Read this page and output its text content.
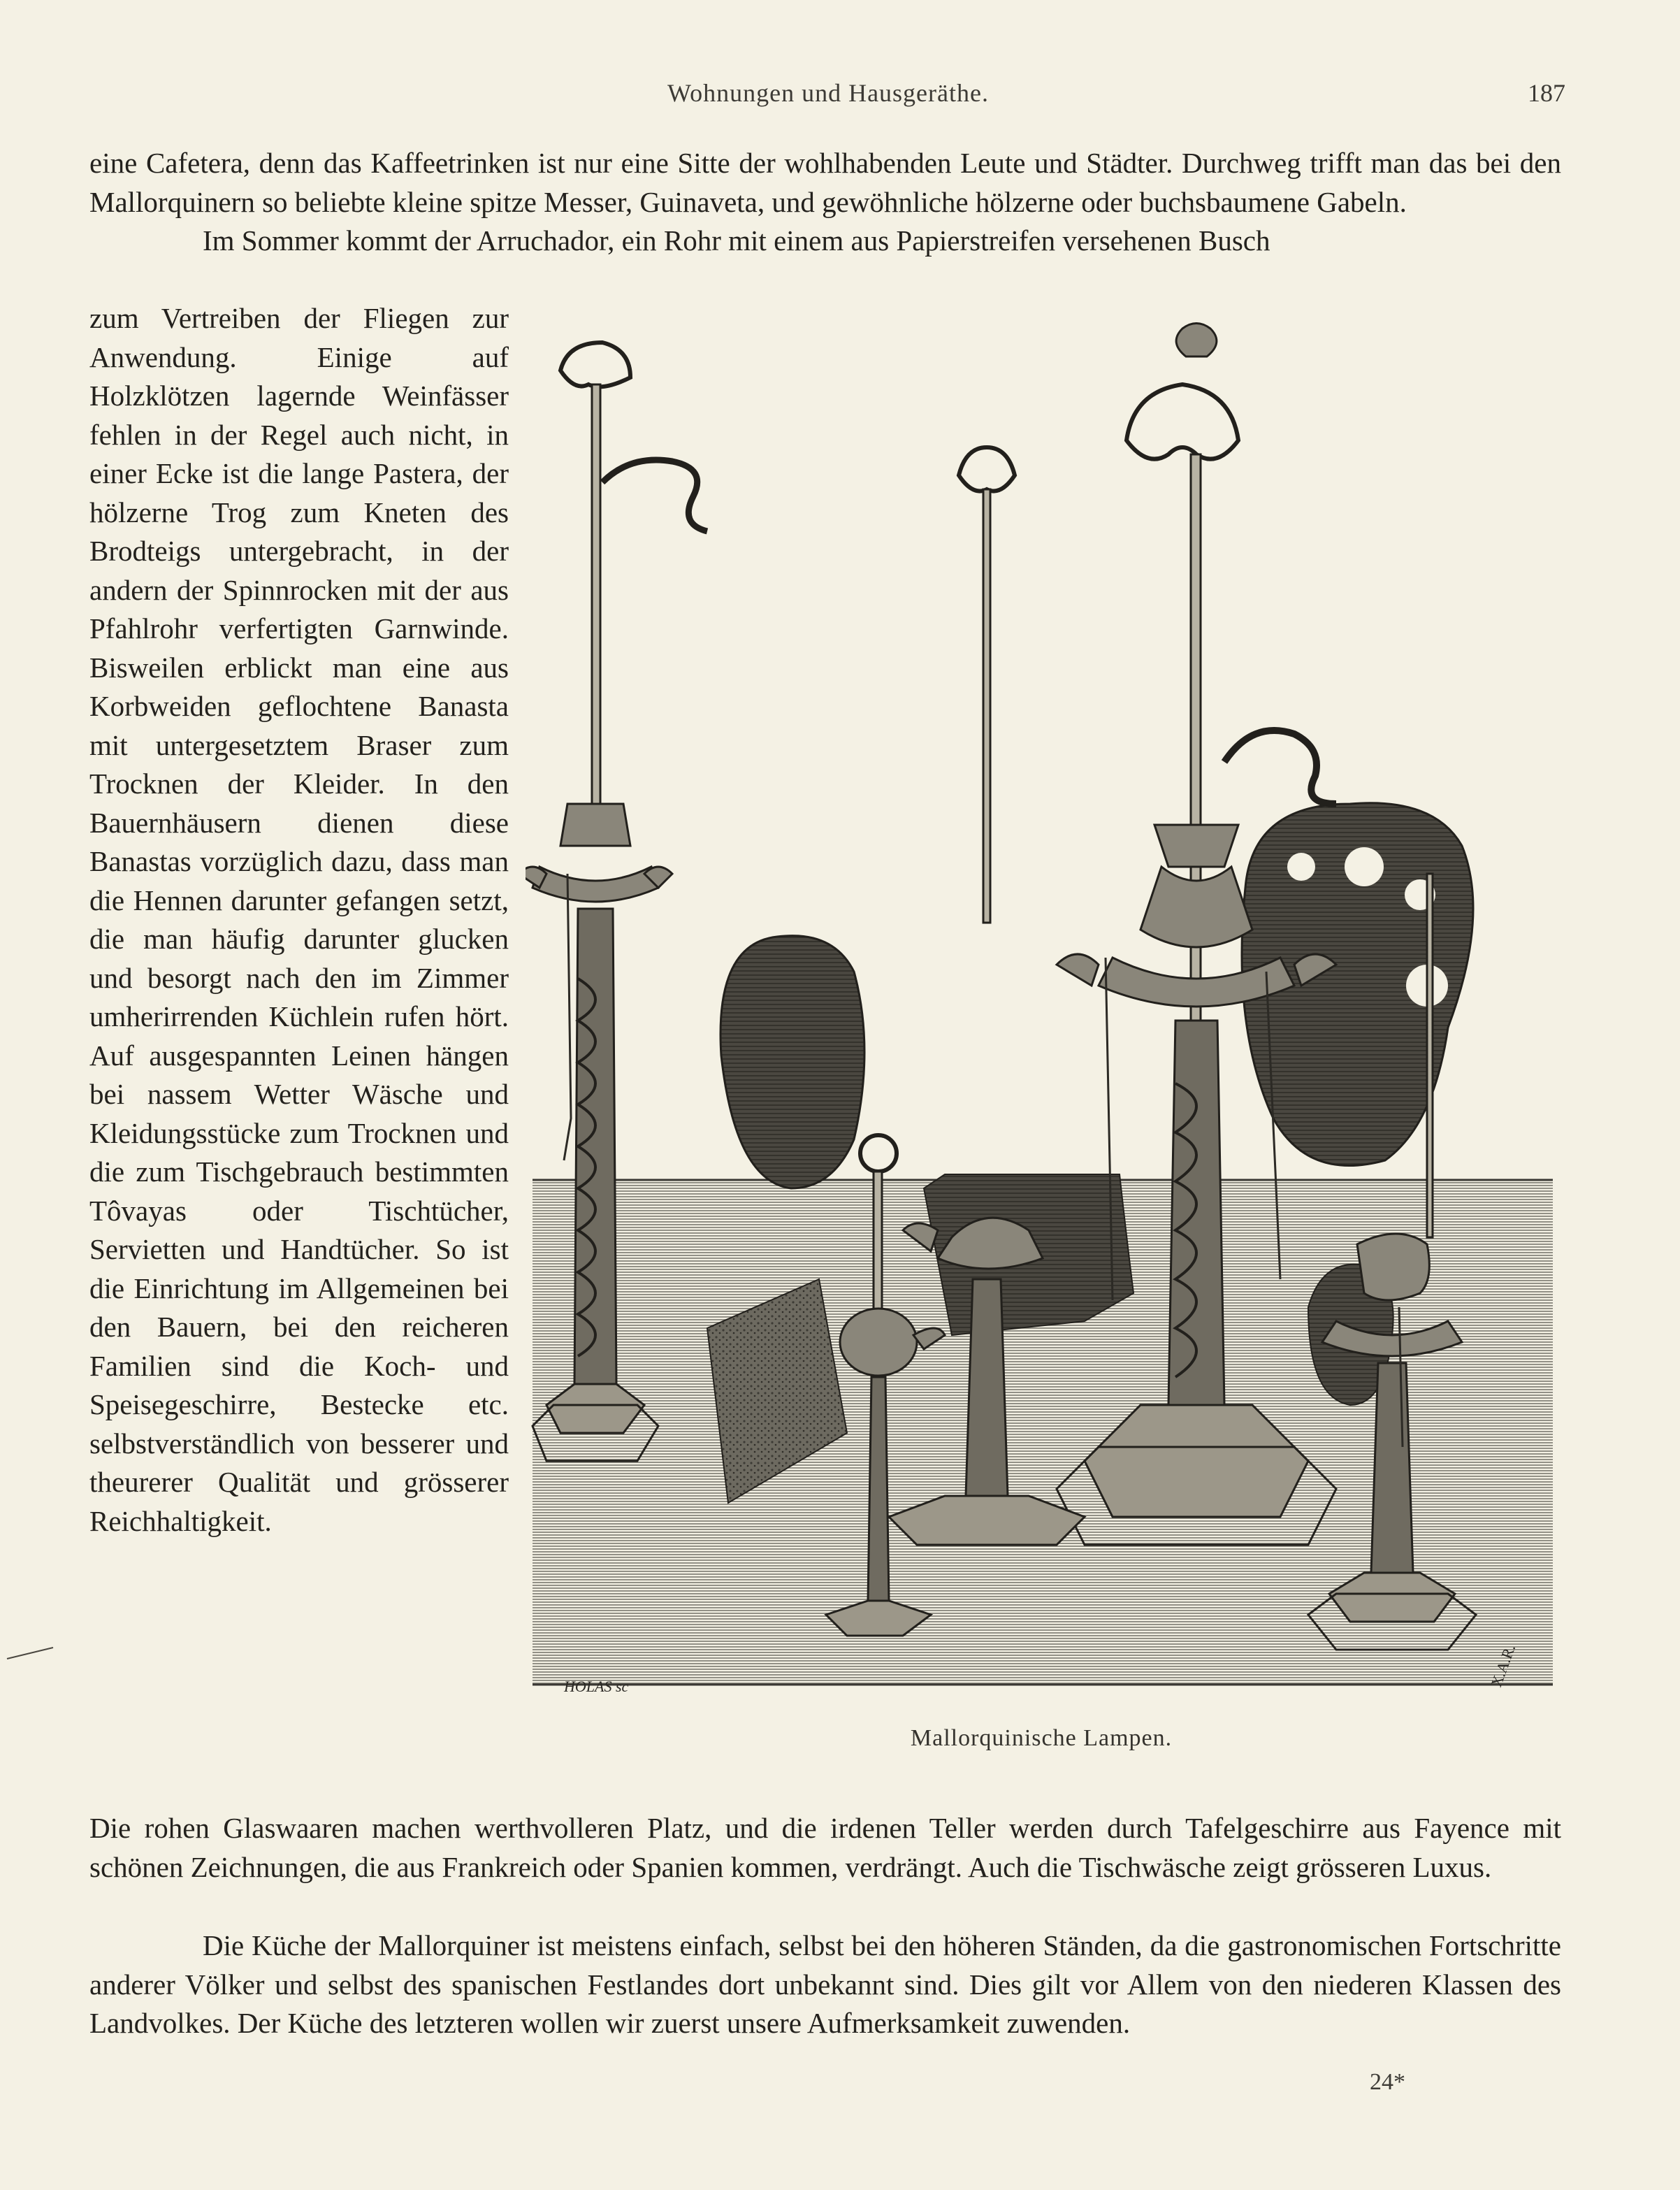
Wohnungen und Hausgeräthe.	187
eine Cafetera, denn das Kaffeetrinken ist nur eine Sitte der wohlhabenden Leute und Städter. Durchweg trifft man das bei den Mallorquinern so beliebte kleine spitze Messer, Guinaveta, und gewöhnliche hölzerne oder buchsbaumene Gabeln.
Im Sommer kommt der Arruchador, ein Rohr mit einem aus Papierstreifen versehenen Busch
zum Vertreiben der Fliegen zur Anwendung. Einige auf Holzklötzen lagernde Weinfässer fehlen in der Regel auch nicht, in einer Ecke ist die lange Pastera, der hölzerne Trog zum Kneten des Brodteigs untergebracht, in der andern der Spinnrocken mit der aus Pfahlrohr verfertigten Garnwinde. Bisweilen erblickt man eine aus Korbweiden geflochtene Banasta mit untergesetztem Braser zum Trocknen der Kleider. In den Bauernhäusern dienen diese Banastas vorzüglich dazu, dass man die Hennen darunter gefangen setzt, die man häufig darunter glucken und besorgt nach den im Zimmer umherirrenden Küchlein rufen hört. Auf ausgespannten Leinen hängen bei nassem Wetter Wäsche und Kleidungsstücke zum Trocknen und die zum Tischgebrauch bestimmten Tôvayas oder Tischtücher, Servietten und Handtücher. So ist die Einrichtung im Allgemeinen bei den Bauern, bei den reicheren Familien sind die Koch- und Speisegeschirre, Bestecke etc. selbstverständlich von besserer und theurerer Qualität und grösserer Reichhaltigkeit.
HOLAS sc	X.A.R.
Mallorquinische Lampen.
Die rohen Glaswaaren machen werthvolleren Platz, und die irdenen Teller werden durch Tafelgeschirre aus Fayence mit schönen Zeichnungen, die aus Frankreich oder Spanien kommen, verdrängt. Auch die Tischwäsche zeigt grösseren Luxus.
Die Küche der Mallorquiner ist meistens einfach, selbst bei den höheren Ständen, da die gastronomischen Fortschritte anderer Völker und selbst des spanischen Festlandes dort unbekannt sind. Dies gilt vor Allem von den niederen Klassen des Landvolkes. Der Küche des letzteren wollen wir zuerst unsere Aufmerksamkeit zuwenden.
24*
